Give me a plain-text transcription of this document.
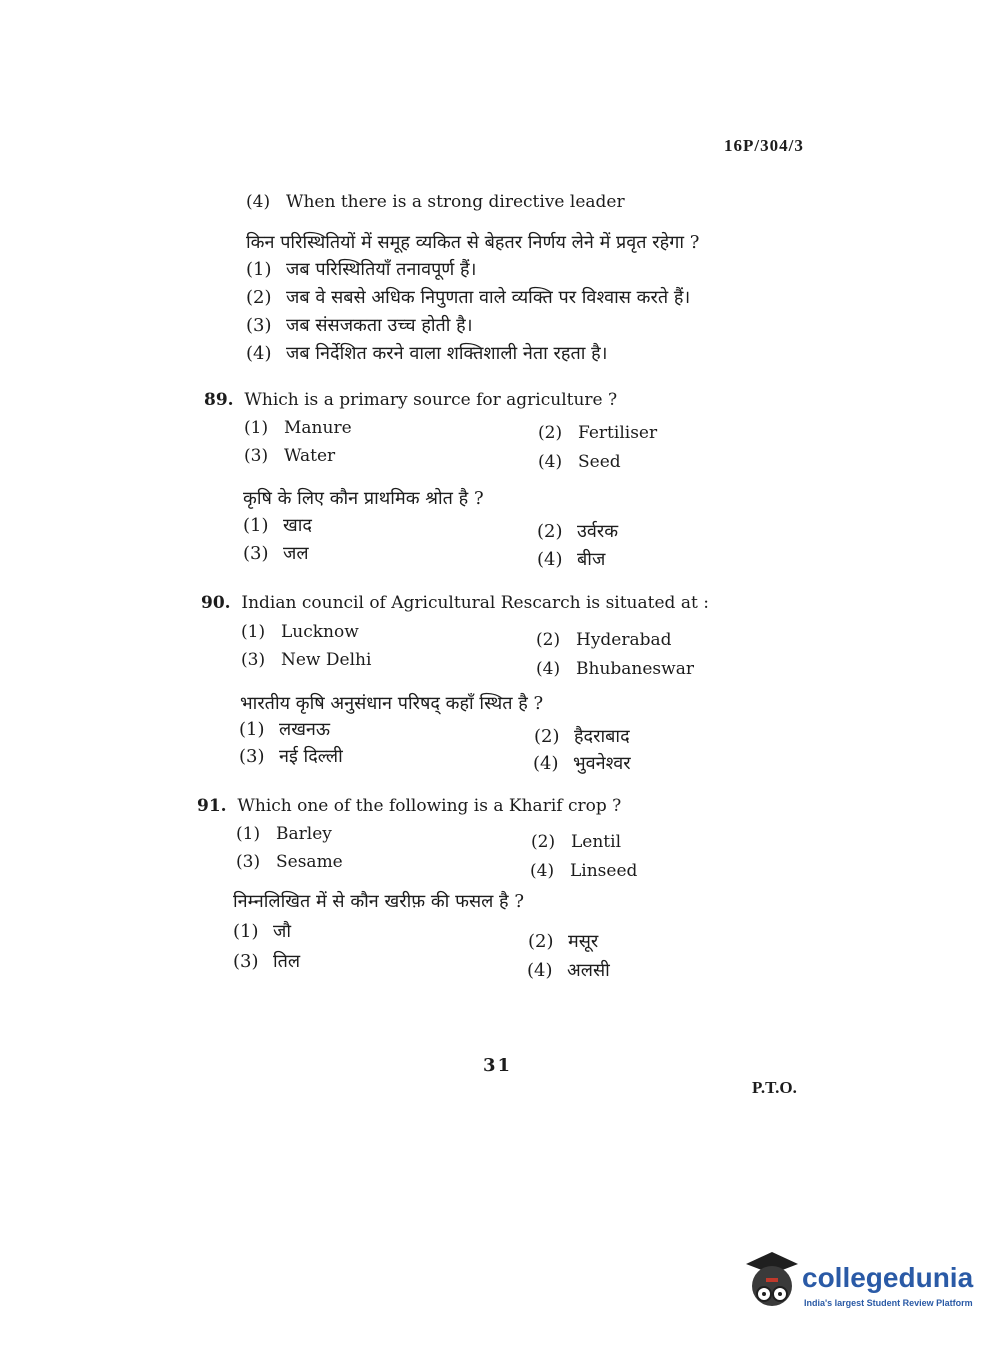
16P/304/3
(4) When there is a strong directive leader
किन परिस्थितियों में समूह व्यकित से बेहतर निर्णय लेने में प्रवृत रहेगा ?
(1) जब परिस्थितियाँ तनावपूर्ण हैं।
(2) जब वे सबसे अधिक निपुणता वाले व्यक्ति पर विश्वास करते हैं।
(3) जब संसजकता उच्च होती है।
(4) जब निर्देशित करने वाला शक्तिशाली नेता रहता है।
89. Which is a primary source for agriculture ?
(1) Manure	(2) Fertiliser
(3) Water	(4) Seed
कृषि के लिए कौन प्राथमिक श्रोत है ?
(1) खाद	(2) उर्वरक
(3) जल	(4) बीज
90. Indian council of Agricultural Rescarch is situated at :
(1) Lucknow	(2) Hyderabad
(3) New Delhi	(4) Bhubaneswar
भारतीय कृषि अनुसंधान परिषद् कहाँ स्थित है ?
(1) लखनऊ	(2) हैदराबाद
(3) नई दिल्ली	(4) भुवनेश्वर
91. Which one of the following is a Kharif crop ?
(1) Barley	(2) Lentil
(3) Sesame	(4) Linseed
निम्नलिखित में से कौन खरीफ़ की फसल है ?
(1) जौ	(2) मसूर
(3) तिल	(4) अलसी
31
P.T.O.
collegedunia
India's largest Student Review Platform
